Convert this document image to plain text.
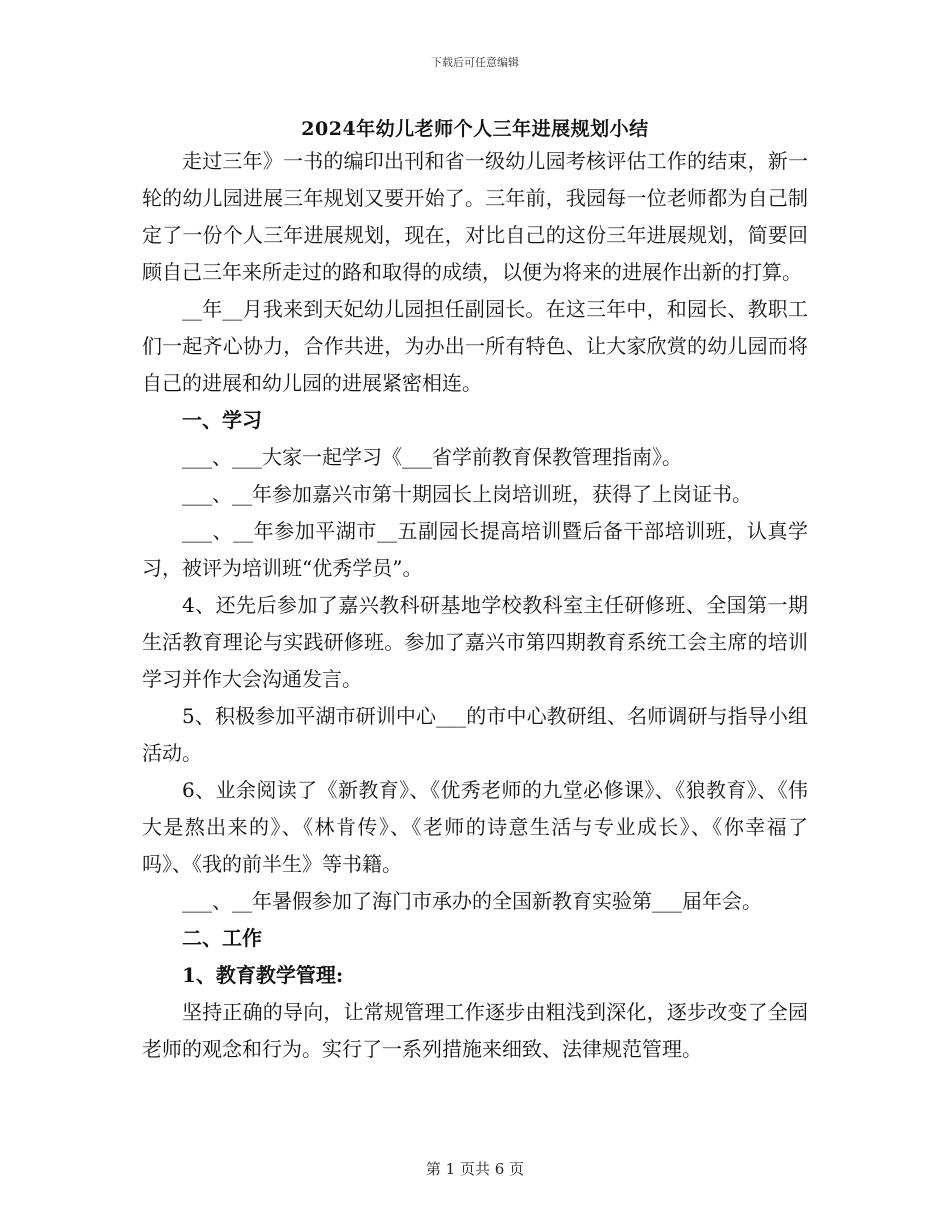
下载后可任意编辑
2024年幼儿老师个人三年进展规划小结

走过三年》一书的编印出刊和省一级幼儿园考核评估工作的结束，新一轮的幼儿园进展三年规划又要开始了。三年前，我园每一位老师都为自己制定了一份个人三年进展规划，现在，对比自己的这份三年进展规划，简要回顾自己三年来所走过的路和取得的成绩，以便为将来的进展作出新的打算。

__年__月我来到天妃幼儿园担任副园长。在这三年中，和园长、教职工们一起齐心协力，合作共进，为办出一所有特色、让大家欣赏的幼儿园而将自己的进展和幼儿园的进展紧密相连。

一、学习

___、___大家一起学习《___省学前教育保教管理指南》。

___、__年参加嘉兴市第十期园长上岗培训班，获得了上岗证书。

___、__年参加平湖市__五副园长提高培训暨后备干部培训班，认真学习，被评为培训班“优秀学员”。

4、还先后参加了嘉兴教科研基地学校教科室主任研修班、全国第一期生活教育理论与实践研修班。参加了嘉兴市第四期教育系统工会主席的培训学习并作大会沟通发言。

5、积极参加平湖市研训中心___的市中心教研组、名师调研与指导小组活动。

6、业余阅读了《新教育》、《优秀老师的九堂必修课》、《狼教育》、《伟大是熬出来的》、《林肯传》、《老师的诗意生活与专业成长》、《你幸福了吗》、《我的前半生》等书籍。

___、__年暑假参加了海门市承办的全国新教育实验第___届年会。

二、工作

1、教育教学管理:

坚持正确的导向，让常规管理工作逐步由粗浅到深化，逐步改变了全园老师的观念和行为。实行了一系列措施来细致、法律规范管理。

第 1 页共 6 页
